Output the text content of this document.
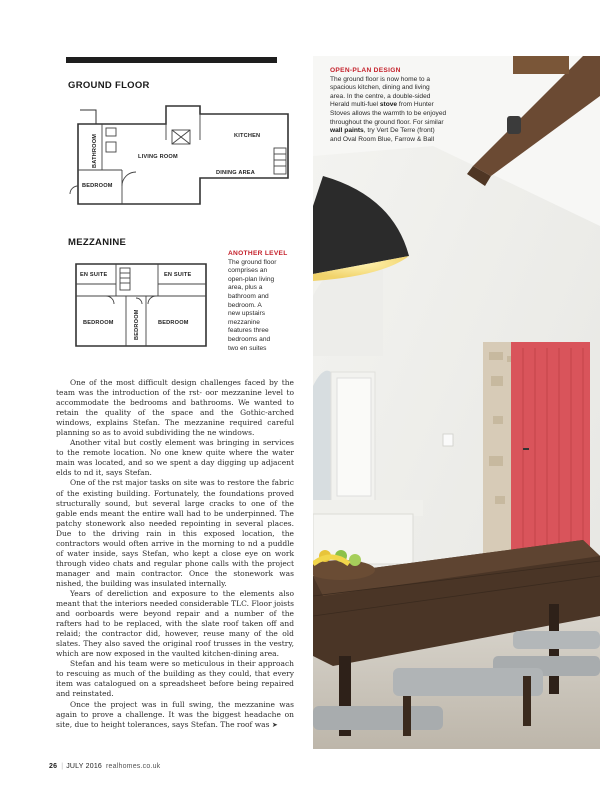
GROUND FLOOR
BATHROOM	LIVING ROOM
KITCHEN
DINING AREA
BEDROOM
MEZZANINE
EN SUITE	EN SUITE
BEDROOM	BEDROOM	BEDROOM
ANOTHER LEVEL
The ground floor
comprises an
open-plan living
area, plus a
bathroom and
bedroom. A
new upstairs
mezzanine
features three
bedrooms and
two en suites

One of the most difficult design challenges faced by the team was the introduction of the rst- oor mezzanine level to accommodate the bedrooms and bathrooms. We wanted to retain the quality of the space and the Gothic-arched windows, explains Stefan. The mezzanine required careful planning so as to avoid subdividing the ne windows.

Another vital but costly element was bringing in services to the remote location. No one knew quite where the water main was located, and so we spent a day digging up adjacent elds to nd it, says Stefan.

One of the rst major tasks on site was to restore the fabric of the existing building. Fortunately, the foundations proved structurally sound, but several large cracks to one of the gable ends meant the entire wall had to be underpinned. The patchy stonework also needed repointing in several places. Due to the driving rain in this exposed location, the contractors would often arrive in the morning to nd a puddle of water inside, says Stefan, who kept a close eye on work through video chats and regular phone calls with the project manager and main contractor. Once the stonework was nished, the building was insulated internally.

Years of dereliction and exposure to the elements also meant that the interiors needed considerable TLC. Floor joists and oorboards were beyond repair and a number of the rafters had to be replaced, with the slate roof taken off and relaid; the contractor did, however, reuse many of the old slates. They also saved the original roof trusses in the vestry, which are now exposed in the vaulted kitchen-dining area.

Stefan and his team were so meticulous in their approach to rescuing as much of the building as they could, that every item was catalogued on a spreadsheet before being repaired and reinstated.

Once the project was in full swing, the mezzanine was again to prove a challenge. It was the biggest headache on site, due to height tolerances, says Stefan. The roof was ➤

26 | JULY 2016 realhomes.co.uk
OPEN-PLAN DESIGN
The ground floor is now home to a
spacious kitchen, dining and living
area. In the centre, a double-sided
Herald multi-fuel stove from Hunter
Stoves allows the warmth to be enjoyed
throughout the ground floor. For similar
wall paints, try Vert De Terre (front)
and Oval Room Blue, Farrow & Ball
